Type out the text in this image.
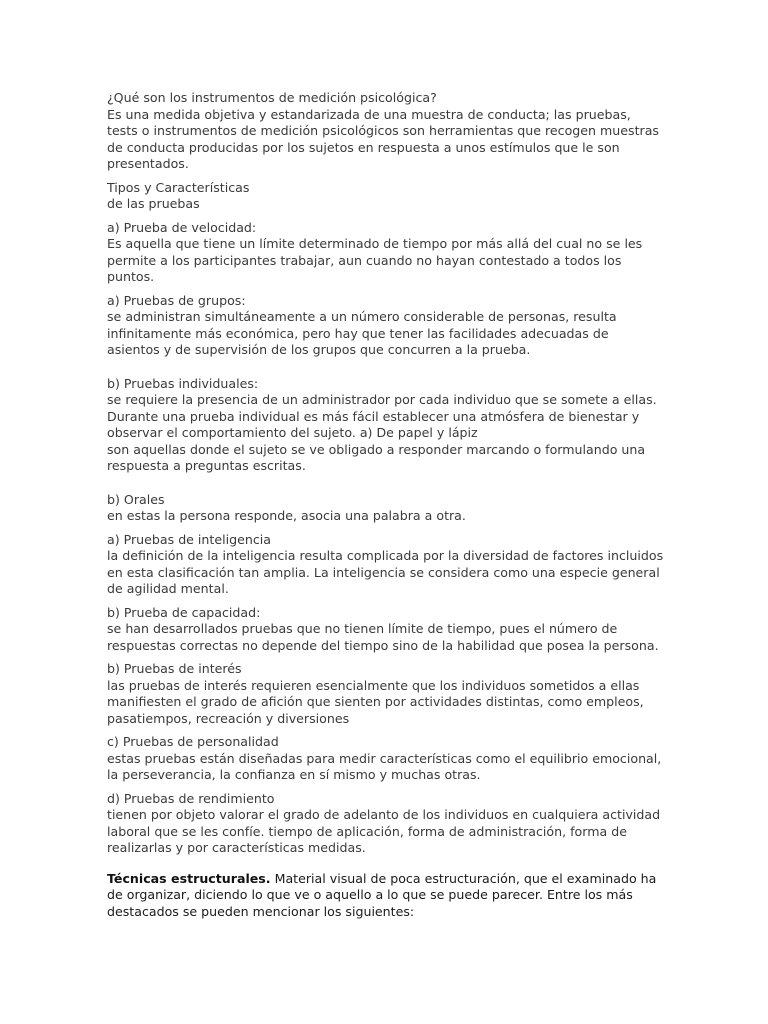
¿Qué son los instrumentos de medición psicológica?
Es una medida objetiva y estandarizada de una muestra de conducta; las pruebas,
tests o instrumentos de medición psicológicos son herramientas que recogen muestras
de conducta producidas por los sujetos en respuesta a unos estímulos que le son
presentados.

Tipos y Características
de las pruebas

a) Prueba de velocidad:
Es aquella que tiene un límite determinado de tiempo por más allá del cual no se les
permite a los participantes trabajar, aun cuando no hayan contestado a todos los
puntos.

a) Pruebas de grupos:
se administran simultáneamente a un número considerable de personas, resulta
infinitamente más económica, pero hay que tener las facilidades adecuadas de
asientos y de supervisión de los grupos que concurren a la prueba.

b) Pruebas individuales:
se requiere la presencia de un administrador por cada individuo que se somete a ellas.
Durante una prueba individual es más fácil establecer una atmósfera de bienestar y
observar el comportamiento del sujeto. a) De papel y lápiz
son aquellas donde el sujeto se ve obligado a responder marcando o formulando una
respuesta a preguntas escritas.

b) Orales
en estas la persona responde, asocia una palabra a otra.

a) Pruebas de inteligencia
la definición de la inteligencia resulta complicada por la diversidad de factores incluidos
en esta clasificación tan amplia. La inteligencia se considera como una especie general
de agilidad mental.

b) Prueba de capacidad:
se han desarrollados pruebas que no tienen límite de tiempo, pues el número de
respuestas correctas no depende del tiempo sino de la habilidad que posea la persona.

b) Pruebas de interés
las pruebas de interés requieren esencialmente que los individuos sometidos a ellas
manifiesten el grado de afición que sienten por actividades distintas, como empleos,
pasatiempos, recreación y diversiones

c) Pruebas de personalidad
estas pruebas están diseñadas para medir características como el equilibrio emocional,
la perseverancia, la confianza en sí mismo y muchas otras.

d) Pruebas de rendimiento
tienen por objeto valorar el grado de adelanto de los individuos en cualquiera actividad
laboral que se les confíe. tiempo de aplicación, forma de administración, forma de
realizarlas y por características medidas.

Técnicas estructurales. Material visual de poca estructuración, que el examinado ha
de organizar, diciendo lo que ve o aquello a lo que se puede parecer. Entre los más
destacados se pueden mencionar los siguientes:
